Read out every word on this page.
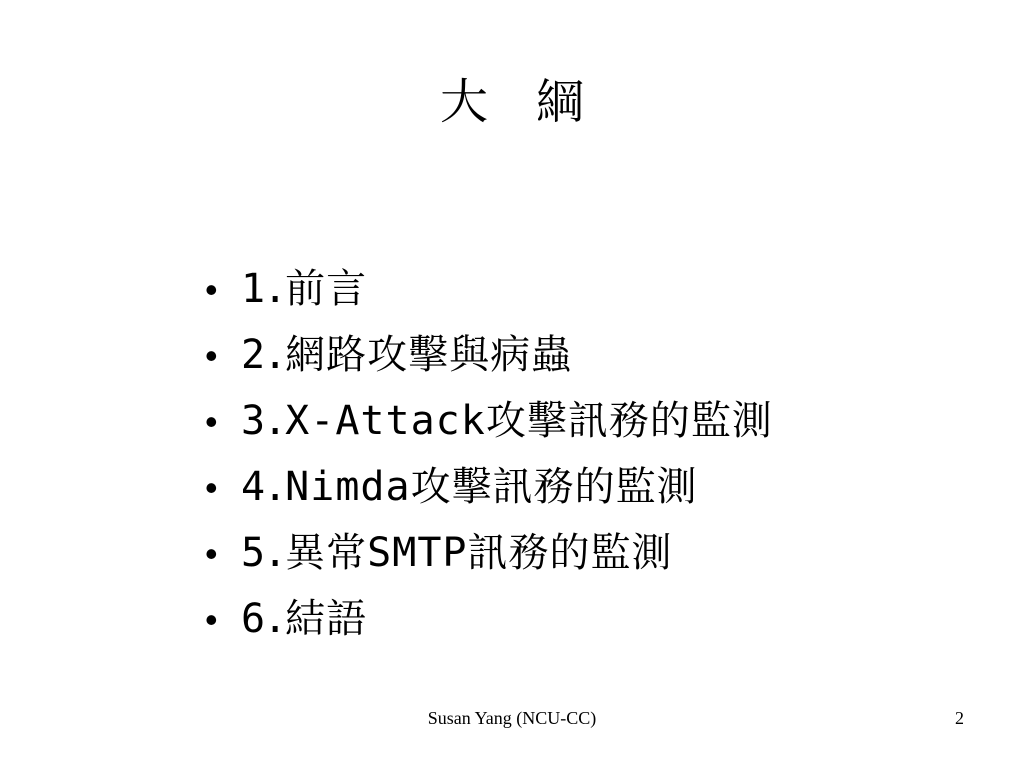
大　綱
• 1. 前言
• 2. 網路攻擊與病蟲
• 3. X-Attack攻擊訊務的監測
• 4. Nimda攻擊訊務的監測
• 5. 異常SMTP訊務的監測
• 6. 結語
Susan Yang (NCU-CC)	2
